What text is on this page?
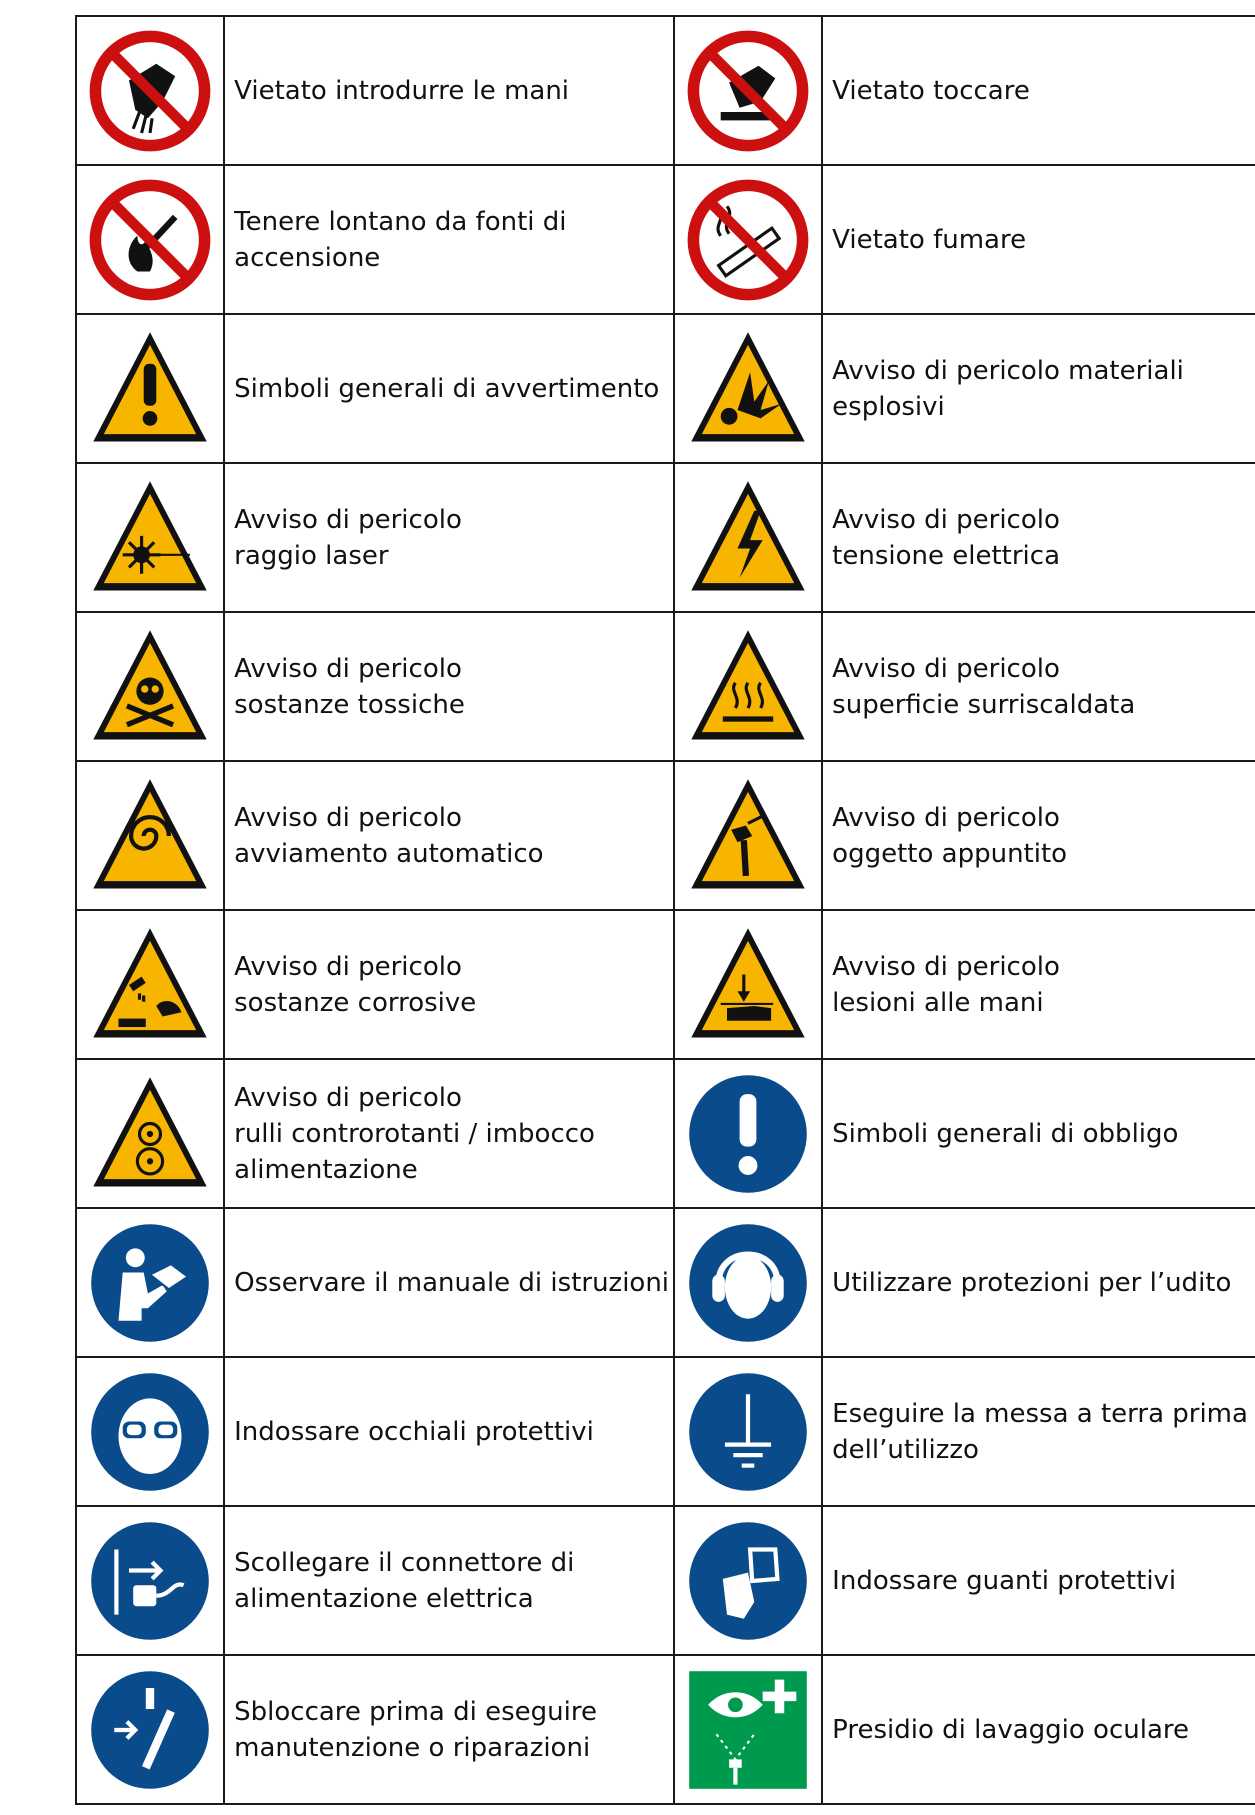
Vietato introdurre le mani		Vietato toccare

Tenere lontano da fonti di
accensione		Vietato fumare

Simboli generali di avvertimento		Avviso di pericolo materiali
esplosivi

Avviso di pericolo
raggio laser		Avviso di pericolo
tensione elettrica

Avviso di pericolo
sostanze tossiche		Avviso di pericolo
superficie surriscaldata

Avviso di pericolo
avviamento automatico		Avviso di pericolo
oggetto appuntito

Avviso di pericolo
sostanze corrosive		Avviso di pericolo
lesioni alle mani

Avviso di pericolo
rulli controrotanti / imbocco
alimentazione		Simboli generali di obbligo

Osservare il manuale di istruzioni		Utilizzare protezioni per l’udito

Indossare occhiali protettivi		Eseguire la messa a terra prima
dell’utilizzo

Scollegare il connettore di
alimentazione elettrica		Indossare guanti protettivi

Sbloccare prima di eseguire
manutenzione o riparazioni		Presidio di lavaggio oculare
